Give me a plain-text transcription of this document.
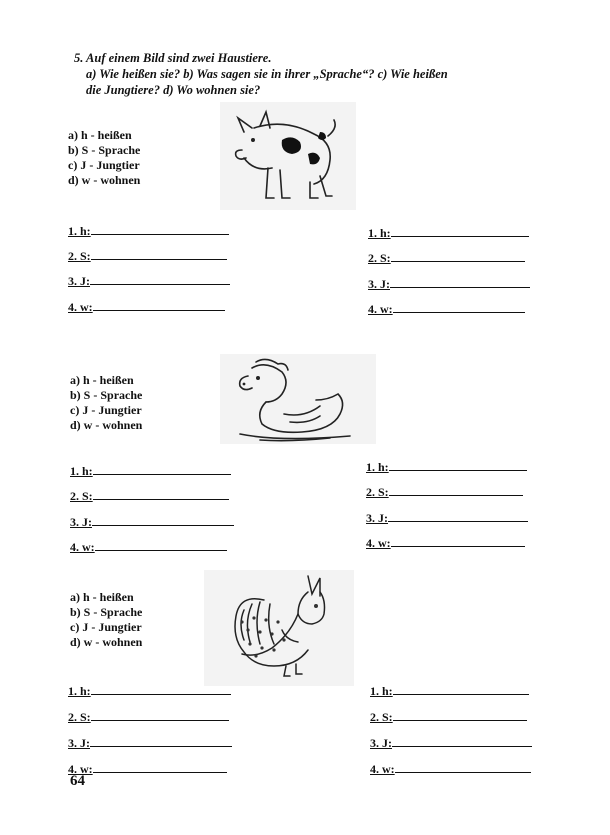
5. Auf einem Bild sind zwei Haustiere.
a) Wie heißen sie? b) Was sagen sie in ihrer „Sprache“? c) Wie heißen
die Jungtiere? d) Wo wohnen sie?
a) h - heißen
b) S - Sprache
c) J - Jungtier
d) w - wohnen
1. h:
2. S:
3. J:
4. w:
1. h:
2. S:
3. J:
4. w:
a) h - heißen
b) S - Sprache
c) J - Jungtier
d) w - wohnen
1. h:
2. S:
3. J:
4. w:
1. h:
2. S:
3. J:
4. w:
a) h - heißen
b) S - Sprache
c) J - Jungtier
d) w - wohnen
1. h:
2. S:
3. J:
4. w:
1. h:
2. S:
3. J:
4. w:
64
